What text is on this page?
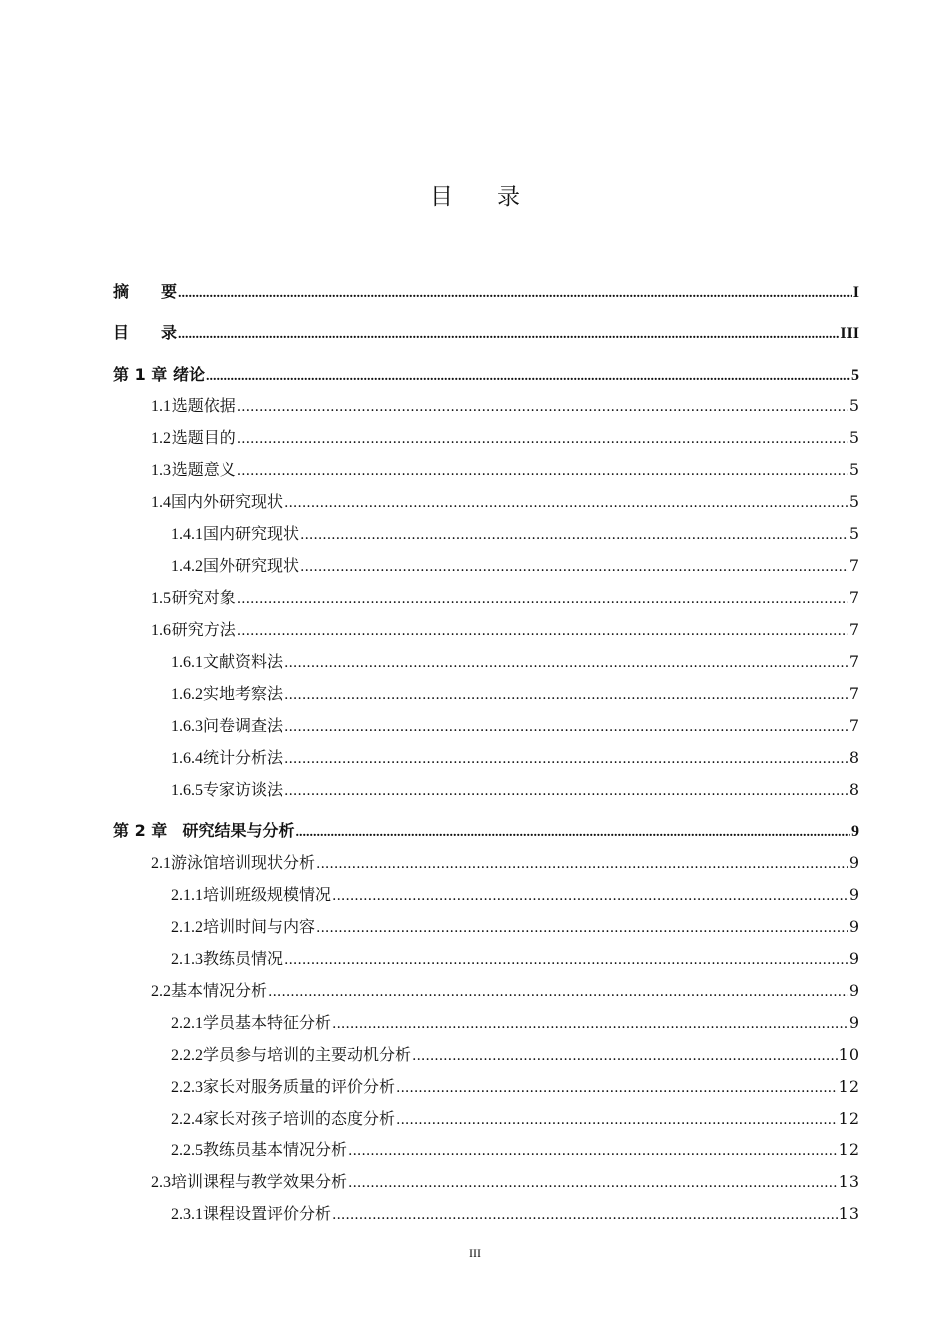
目 录
摘 要 .....	I
目 录 .....	III
第 1 章 绪论 .....	5
1.1 选题依据 .....	5
1.2 选题目的 .....	5
1.3 选题意义 .....	5
1.4 国内外研究现状 .....	5
1.4.1 国内研究现状 .....	5
1.4.2 国外研究现状 .....	7
1.5 研究对象 .....	7
1.6 研究方法 .....	7
1.6.1 文献资料法 .....	7
1.6.2 实地考察法 .....	7
1.6.3 问卷调查法 .....	7
1.6.4 统计分析法 .....	8
1.6.5 专家访谈法 .....	8
第 2 章 研究结果与分析 .....	9
2.1 游泳馆培训现状分析 .....	9
2.1.1 培训班级规模情况 .....	9
2.1.2 培训时间与内容 .....	9
2.1.3 教练员情况 .....	9
2.2 基本情况分析 .....	9
2.2.1 学员基本特征分析 .....	9
2.2.2 学员参与培训的主要动机分析 .....	10
2.2.3 家长对服务质量的评价分析 .....	12
2.2.4 家长对孩子培训的态度分析 .....	12
2.2.5 教练员基本情况分析 .....	12
2.3 培训课程与教学效果分析 .....	13
2.3.1 课程设置评价分析 .....	13
III
